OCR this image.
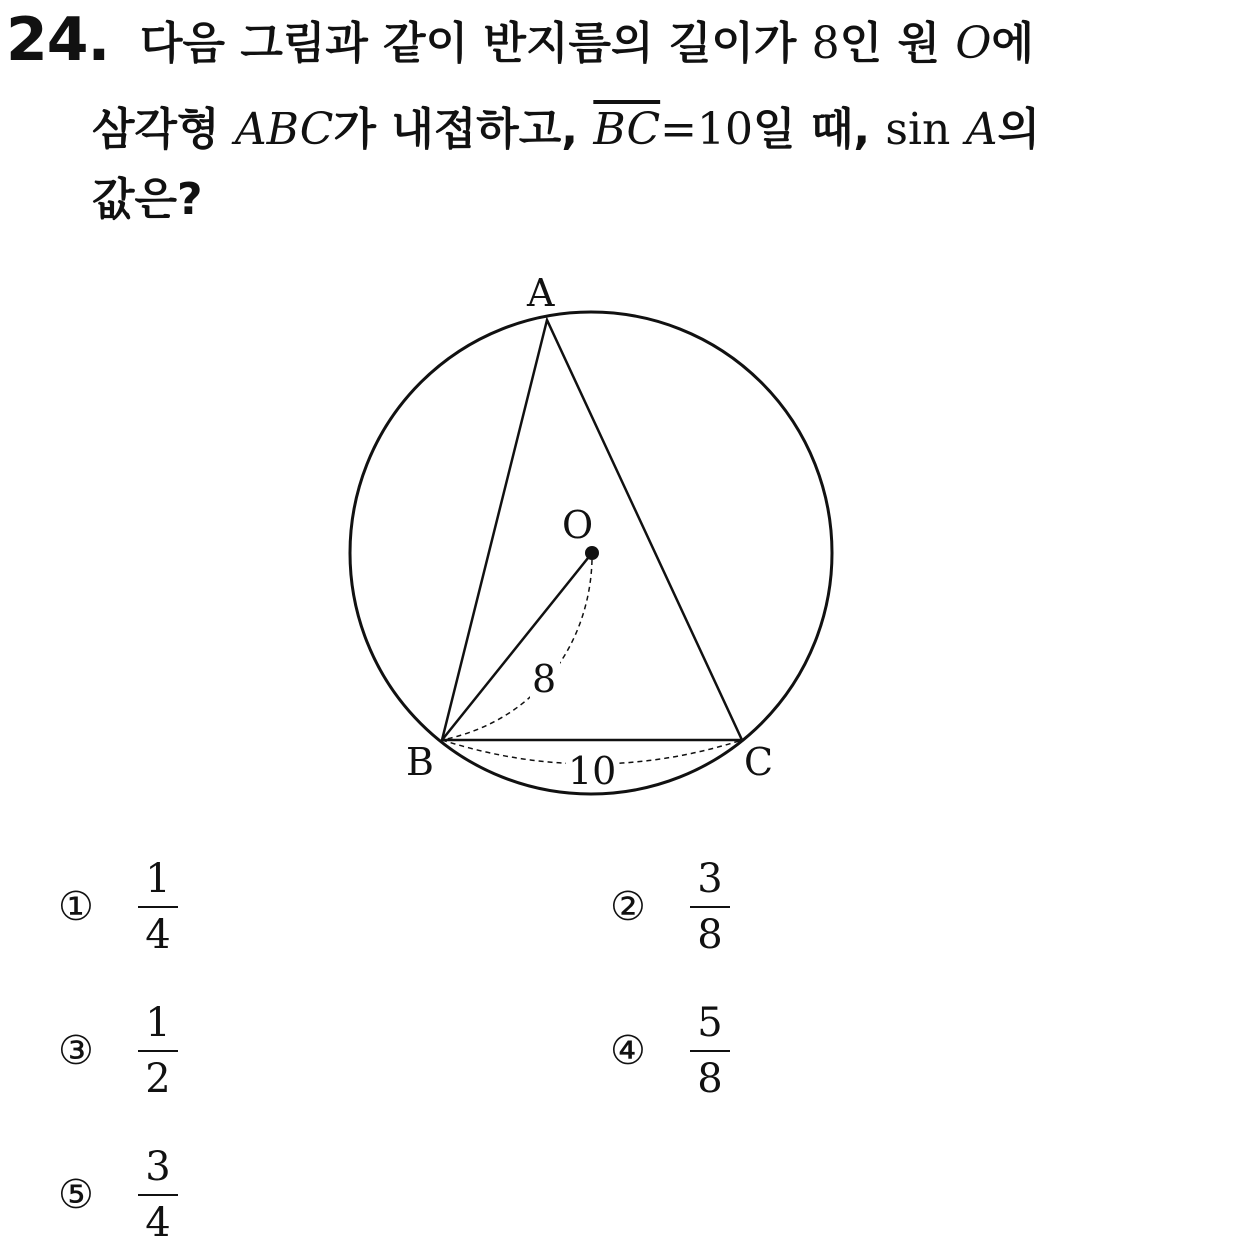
24. 다음 그림과 같이 반지름의 길이가 8인 원 O에
삼각형 ABC가 내접하고, $\overline{BC}=10$일 때, sin A의
값은?
A
B	C
O
8
10
①	$\frac{1}{4}$	②	$\frac{3}{8}$
③	$\frac{1}{2}$	④	$\frac{5}{8}$
⑤	$\frac{3}{4}$
